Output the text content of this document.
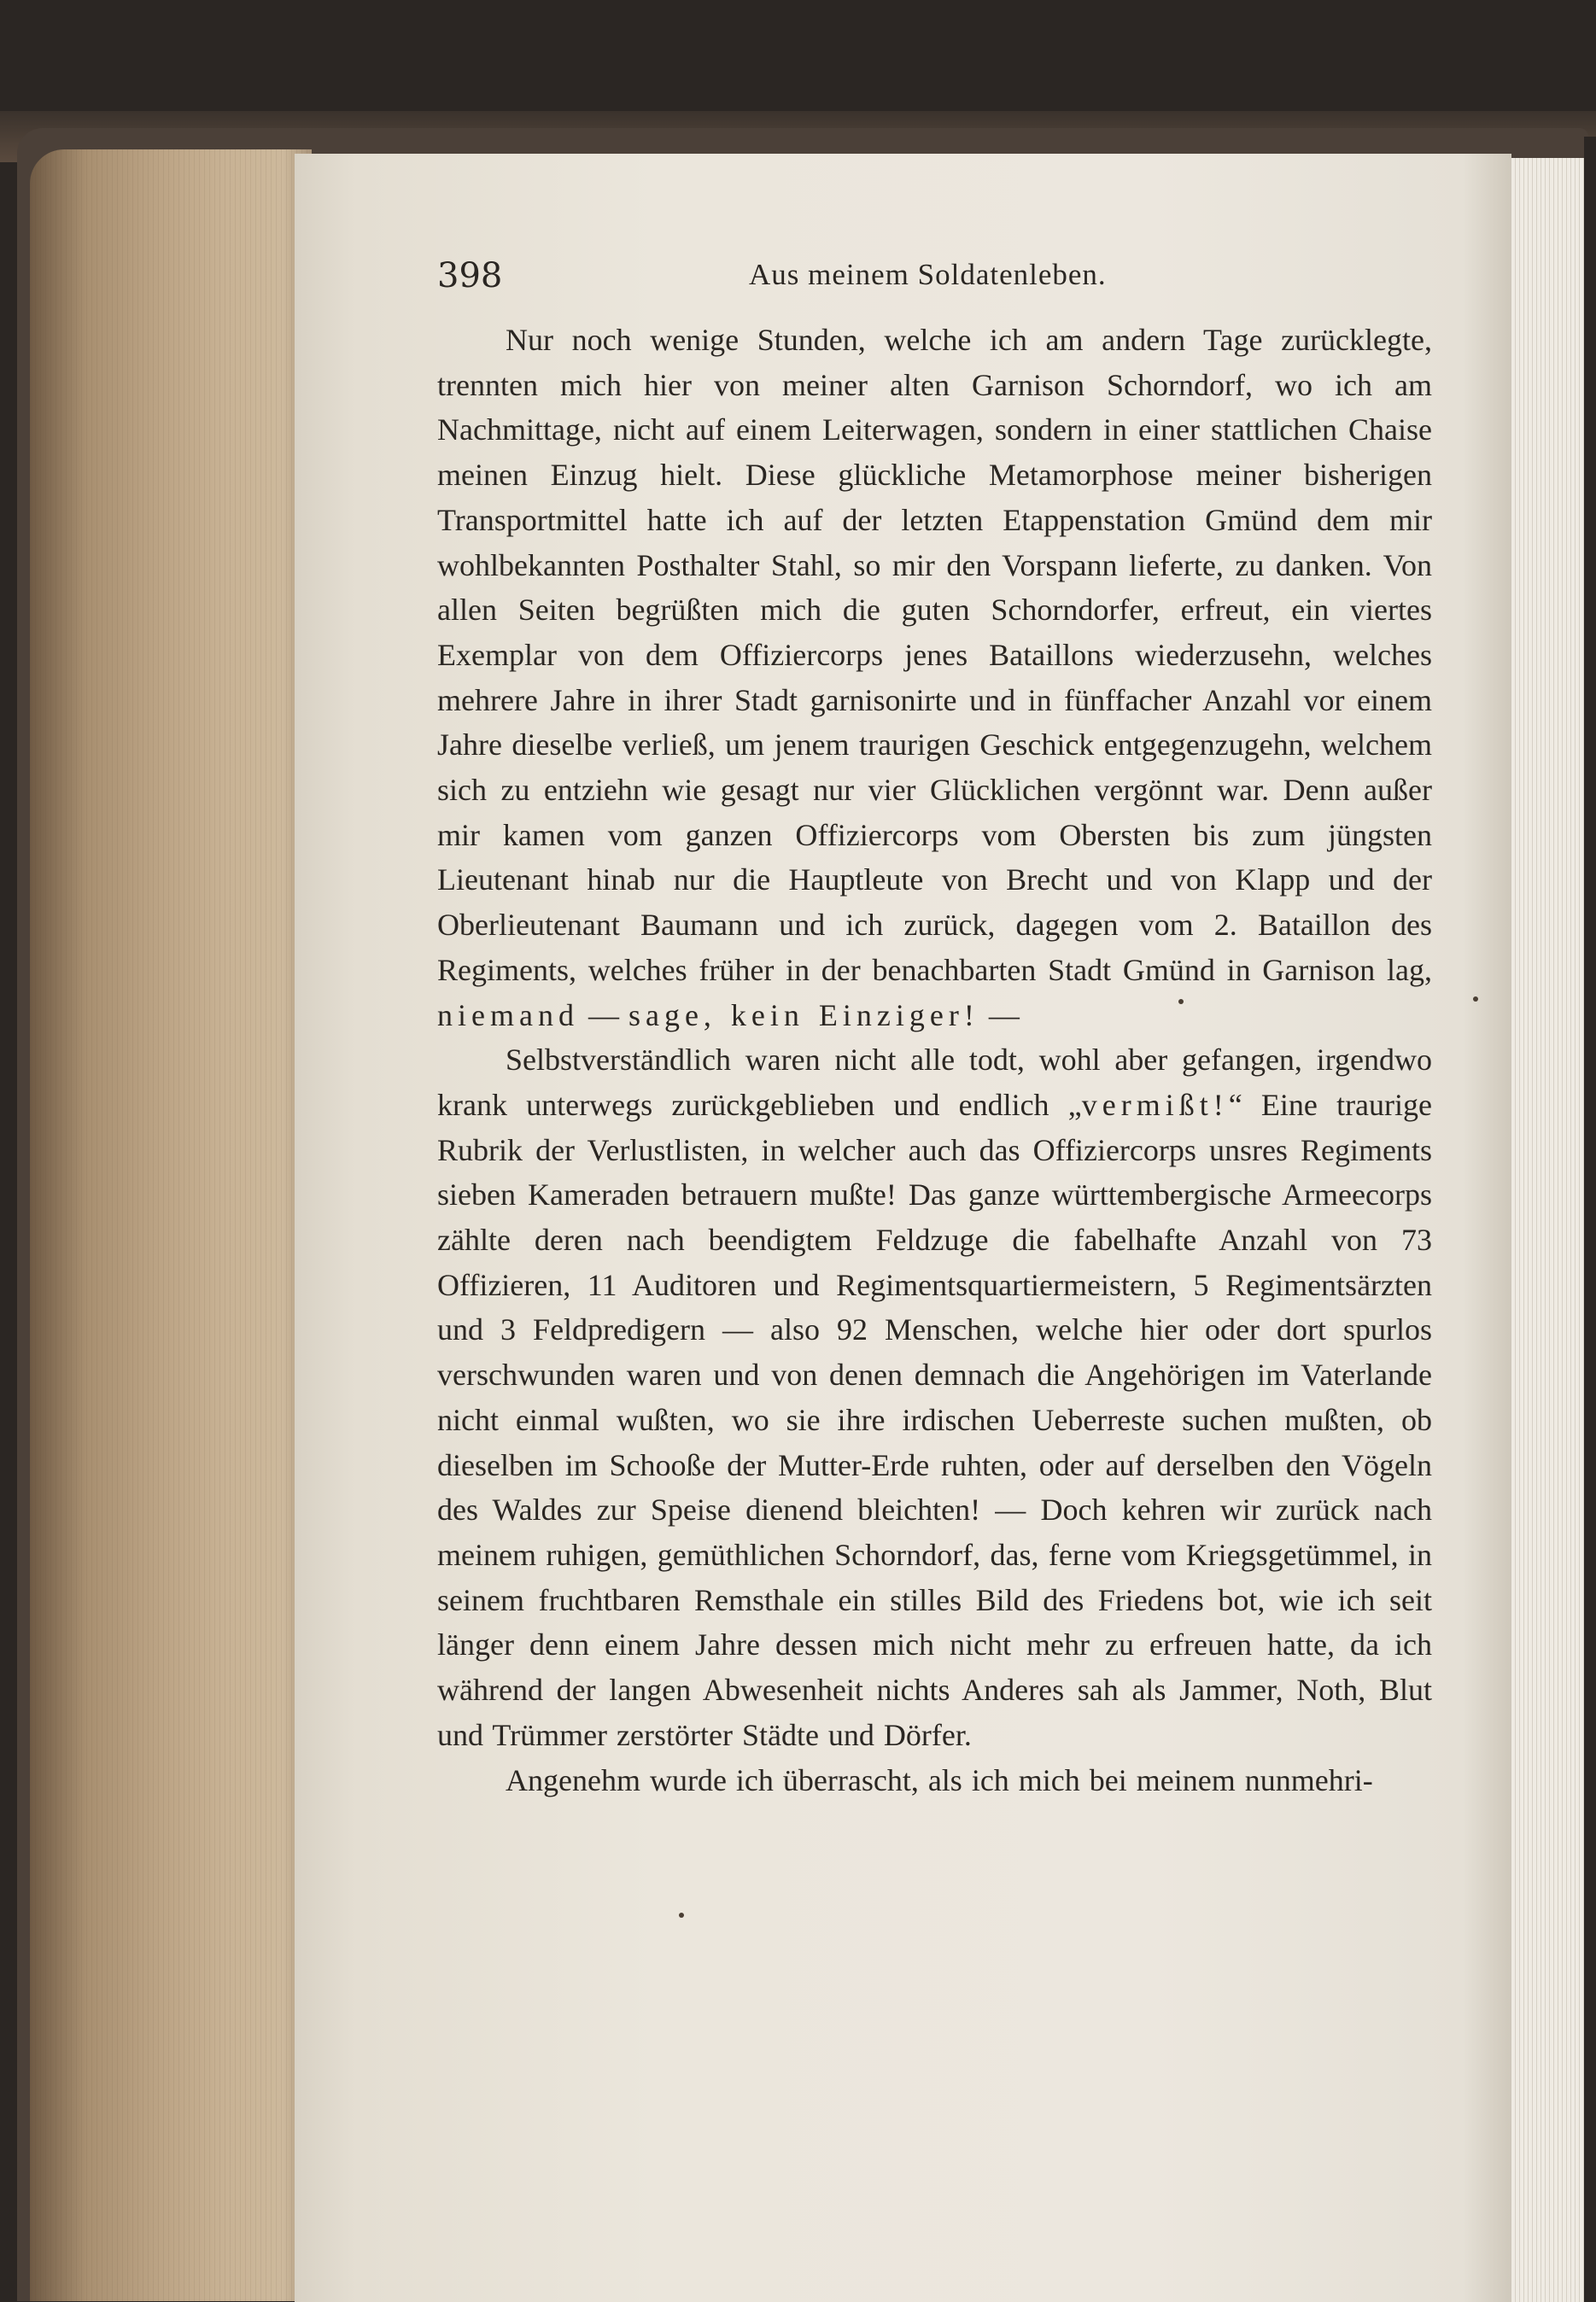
398	Aus meinem Soldatenleben.

Nur noch wenige Stunden, welche ich am andern Tage zurücklegte, trennten mich hier von meiner alten Garnison Schorndorf, wo ich am Nachmittage, nicht auf einem Leiterwagen, sondern in einer stattlichen Chaise meinen Einzug hielt. Diese glückliche Metamorphose meiner bisherigen Transportmittel hatte ich auf der letzten Etappenstation Gmünd dem mir wohlbekannten Posthalter Stahl, so mir den Vorspann lieferte, zu danken. Von allen Seiten begrüßten mich die guten Schorndorfer, erfreut, ein viertes Exemplar von dem Offiziercorps jenes Bataillons wiederzusehn, welches mehrere Jahre in ihrer Stadt garnisonirte und in fünffacher Anzahl vor einem Jahre dieselbe verließ, um jenem traurigen Geschick entgegenzugehn, welchem sich zu entziehn wie gesagt nur vier Glücklichen vergönnt war. Denn außer mir kamen vom ganzen Offiziercorps vom Obersten bis zum jüngsten Lieutenant hinab nur die Hauptleute von Brecht und von Klapp und der Oberlieutenant Baumann und ich zurück, dagegen vom 2. Bataillon des Regiments, welches früher in der benachbarten Stadt Gmünd in Garnison lag, niemand — sage, kein Einziger! —

Selbstverständlich waren nicht alle todt, wohl aber gefangen, irgendwo krank unterwegs zurückgeblieben und endlich „vermißt!“ Eine traurige Rubrik der Verlustlisten, in welcher auch das Offiziercorps unsres Regiments sieben Kameraden betrauern mußte! Das ganze württembergische Armeecorps zählte deren nach beendigtem Feldzuge die fabelhafte Anzahl von 73 Offizieren, 11 Auditoren und Regimentsquartiermeistern, 5 Regimentsärzten und 3 Feldpredigern — also 92 Menschen, welche hier oder dort spurlos verschwunden waren und von denen demnach die Angehörigen im Vaterlande nicht einmal wußten, wo sie ihre irdischen Ueberreste suchen mußten, ob dieselben im Schooße der Mutter-Erde ruhten, oder auf derselben den Vögeln des Waldes zur Speise dienend bleichten! — Doch kehren wir zurück nach meinem ruhigen, gemüthlichen Schorndorf, das, ferne vom Kriegsgetümmel, in seinem fruchtbaren Remsthale ein stilles Bild des Friedens bot, wie ich seit länger denn einem Jahre dessen mich nicht mehr zu erfreuen hatte, da ich während der langen Abwesenheit nichts Anderes sah als Jammer, Noth, Blut und Trümmer zerstörter Städte und Dörfer.

Angenehm wurde ich überrascht, als ich mich bei meinem nunmehri-
